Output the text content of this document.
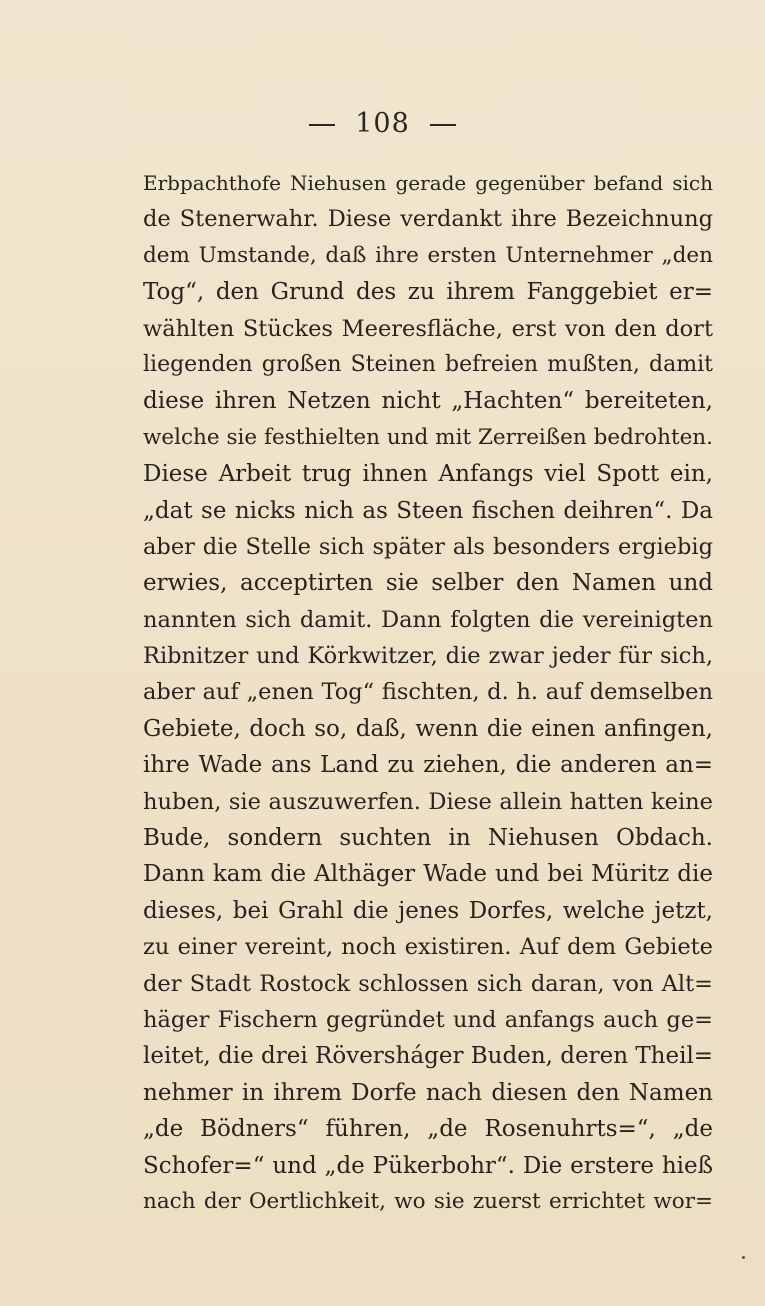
108
Erbpachthofe Niehusen gerade gegenüber befand sich
de Stenerwahr. Diese verdankt ihre Bezeichnung
dem Umstande, daß ihre ersten Unternehmer „den
Tog“, den Grund des zu ihrem Fanggebiet er=
wählten Stückes Meeresfläche, erst von den dort
liegenden großen Steinen befreien mußten, damit
diese ihren Netzen nicht „Hachten“ bereiteten,
welche sie festhielten und mit Zerreißen bedrohten.
Diese Arbeit trug ihnen Anfangs viel Spott ein,
„dat se nicks nich as Steen fischen deihren“. Da
aber die Stelle sich später als besonders ergiebig
erwies, acceptirten sie selber den Namen und
nannten sich damit. Dann folgten die vereinigten
Ribnitzer und Körkwitzer, die zwar jeder für sich,
aber auf „enen Tog“ fischten, d. h. auf demselben
Gebiete, doch so, daß, wenn die einen anfingen,
ihre Wade ans Land zu ziehen, die anderen an=
huben, sie auszuwerfen. Diese allein hatten keine
Bude, sondern suchten in Niehusen Obdach.
Dann kam die Althäger Wade und bei Müritz die
dieses, bei Grahl die jenes Dorfes, welche jetzt,
zu einer vereint, noch existiren. Auf dem Gebiete
der Stadt Rostock schlossen sich daran, von Alt=
häger Fischern gegründet und anfangs auch ge=
leitet, die drei Röversháger Buden, deren Theil=
nehmer in ihrem Dorfe nach diesen den Namen
„de Bödners“ führen, „de Rosenuhrts=“, „de
Schofer=“ und „de Pükerbohr“. Die erstere hieß
nach der Oertlichkeit, wo sie zuerst errichtet wor=
